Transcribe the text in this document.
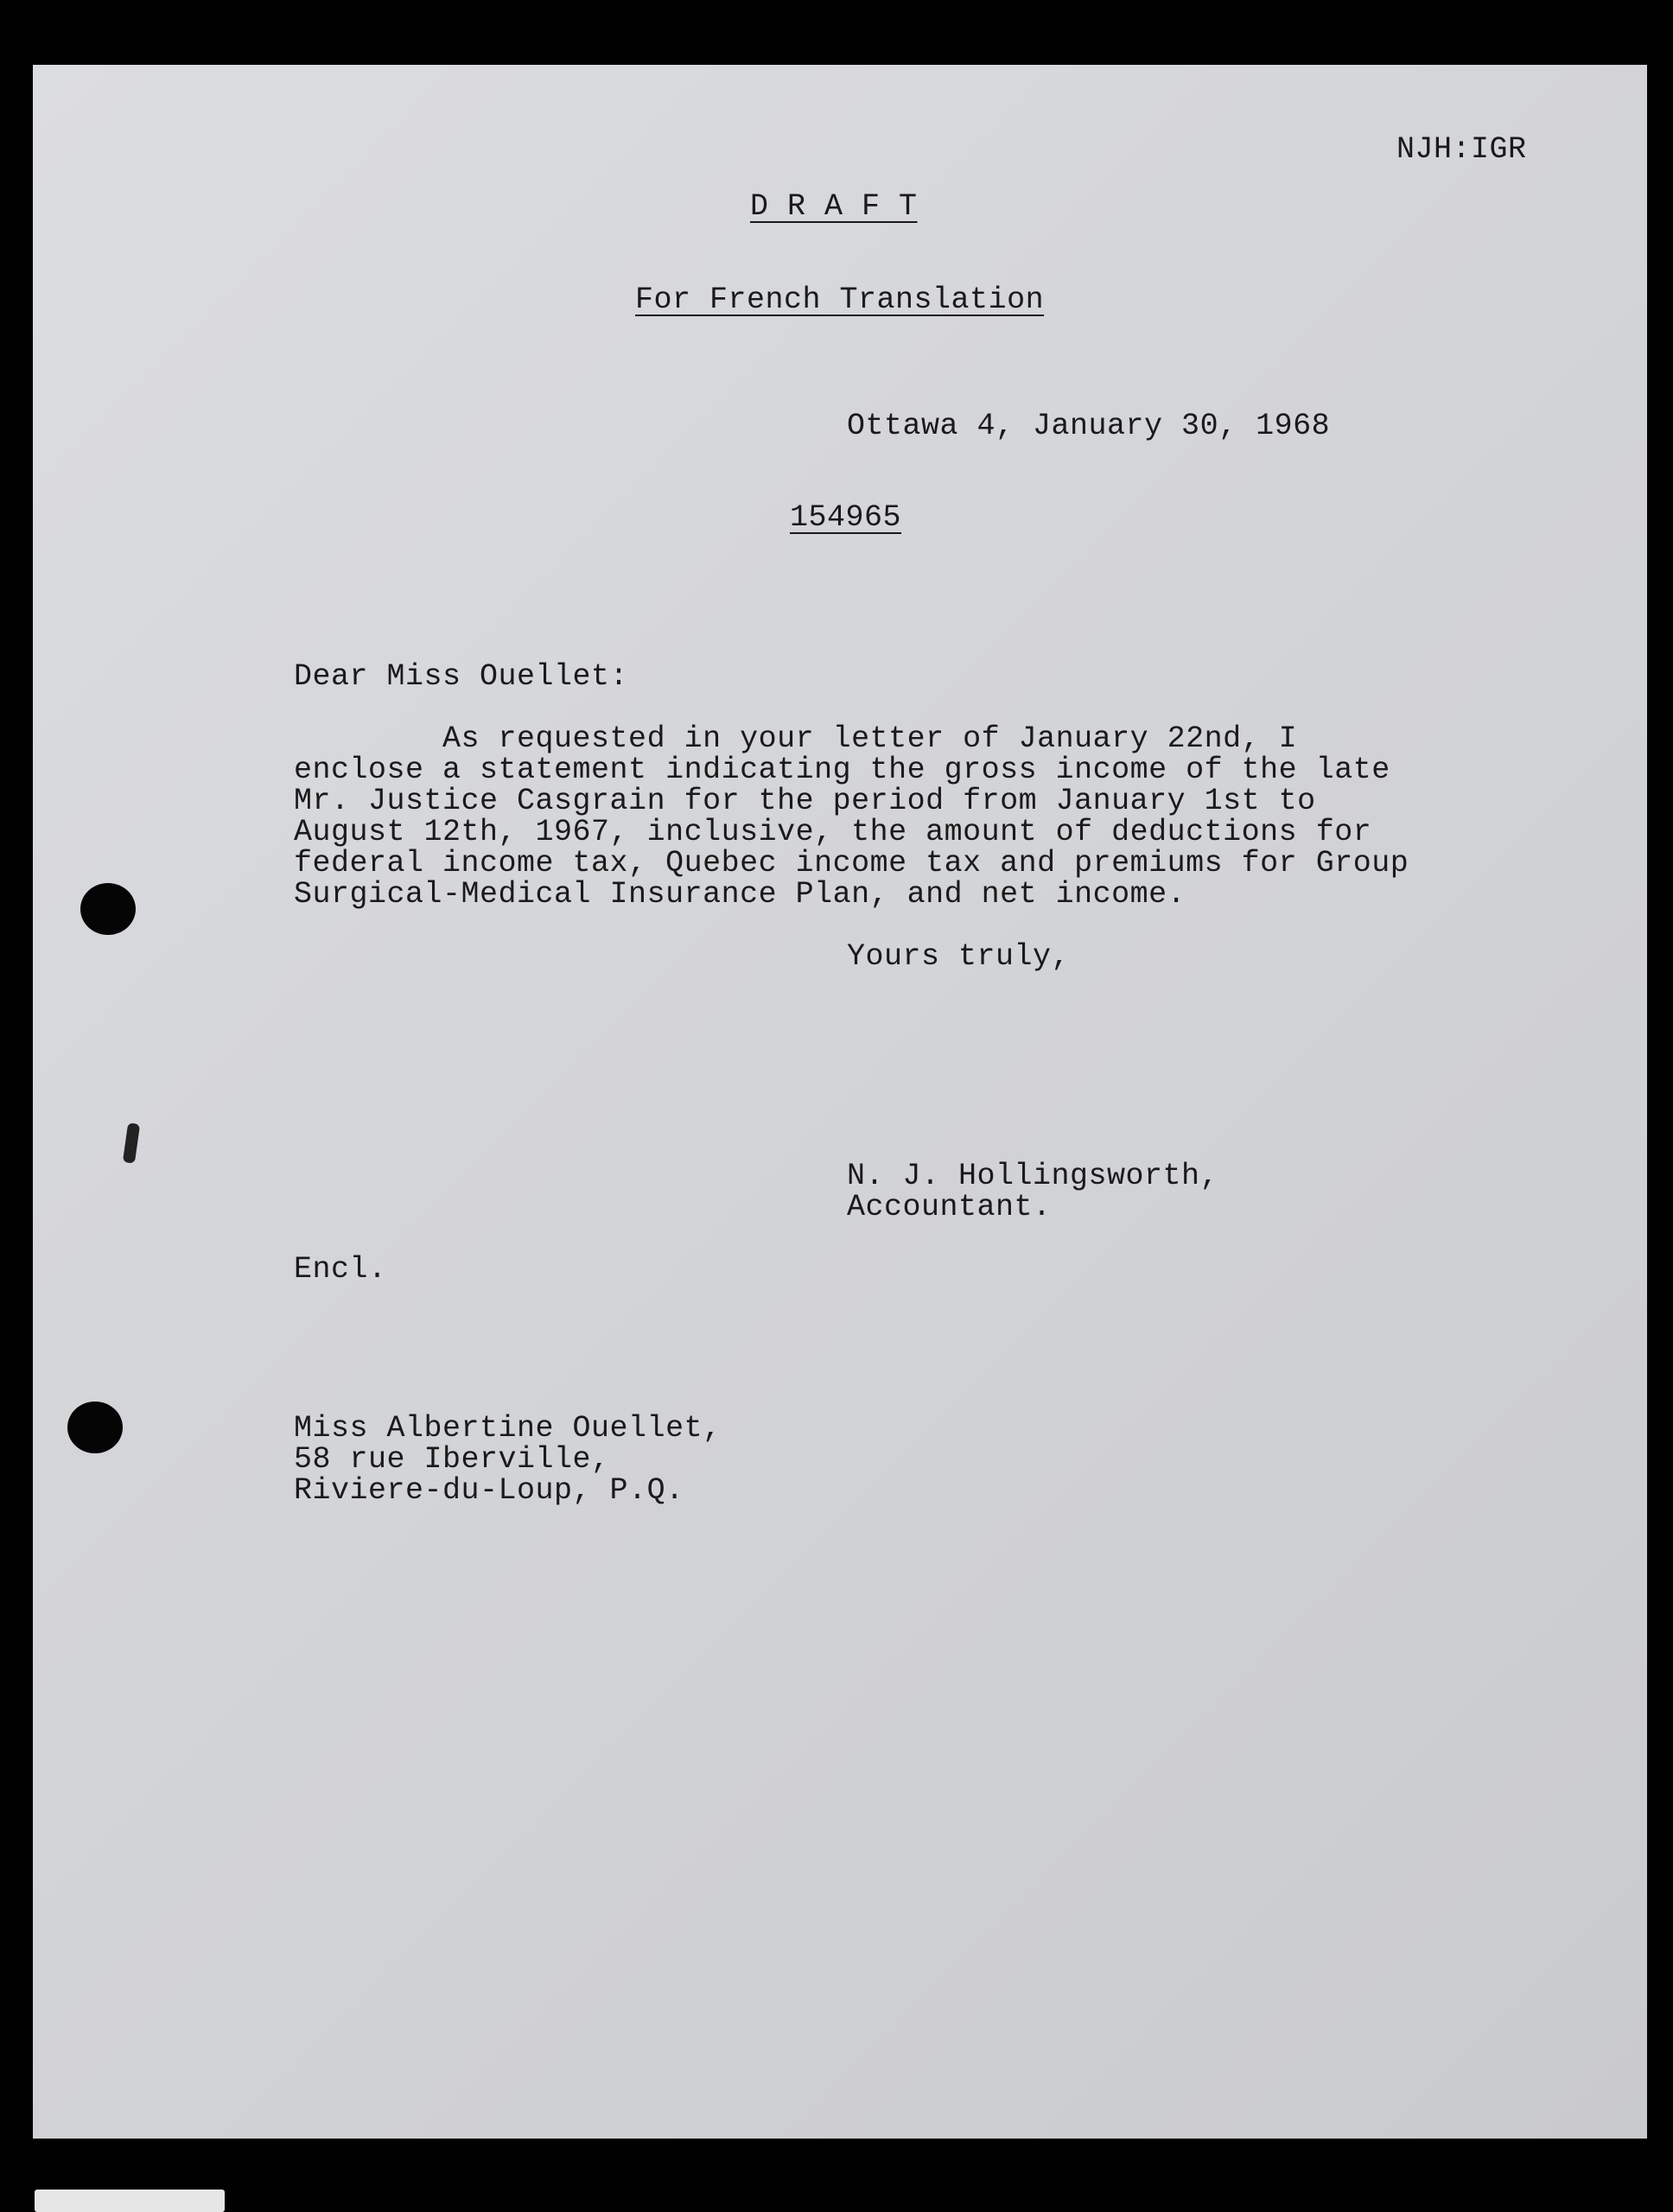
NJH:IGR
D R A F T
For French Translation
Ottawa 4, January 30, 1968
154965
Dear Miss Ouellet:
As requested in your letter of January 22nd, I
enclose a statement indicating the gross income of the late
Mr. Justice Casgrain for the period from January 1st to
August 12th, 1967, inclusive, the amount of deductions for
federal income tax, Quebec income tax and premiums for Group
Surgical-Medical Insurance Plan, and net income.
Yours truly,
N. J. Hollingsworth,
Accountant.
Encl.
Miss Albertine Ouellet,
58 rue Iberville,
Riviere-du-Loup, P.Q.
